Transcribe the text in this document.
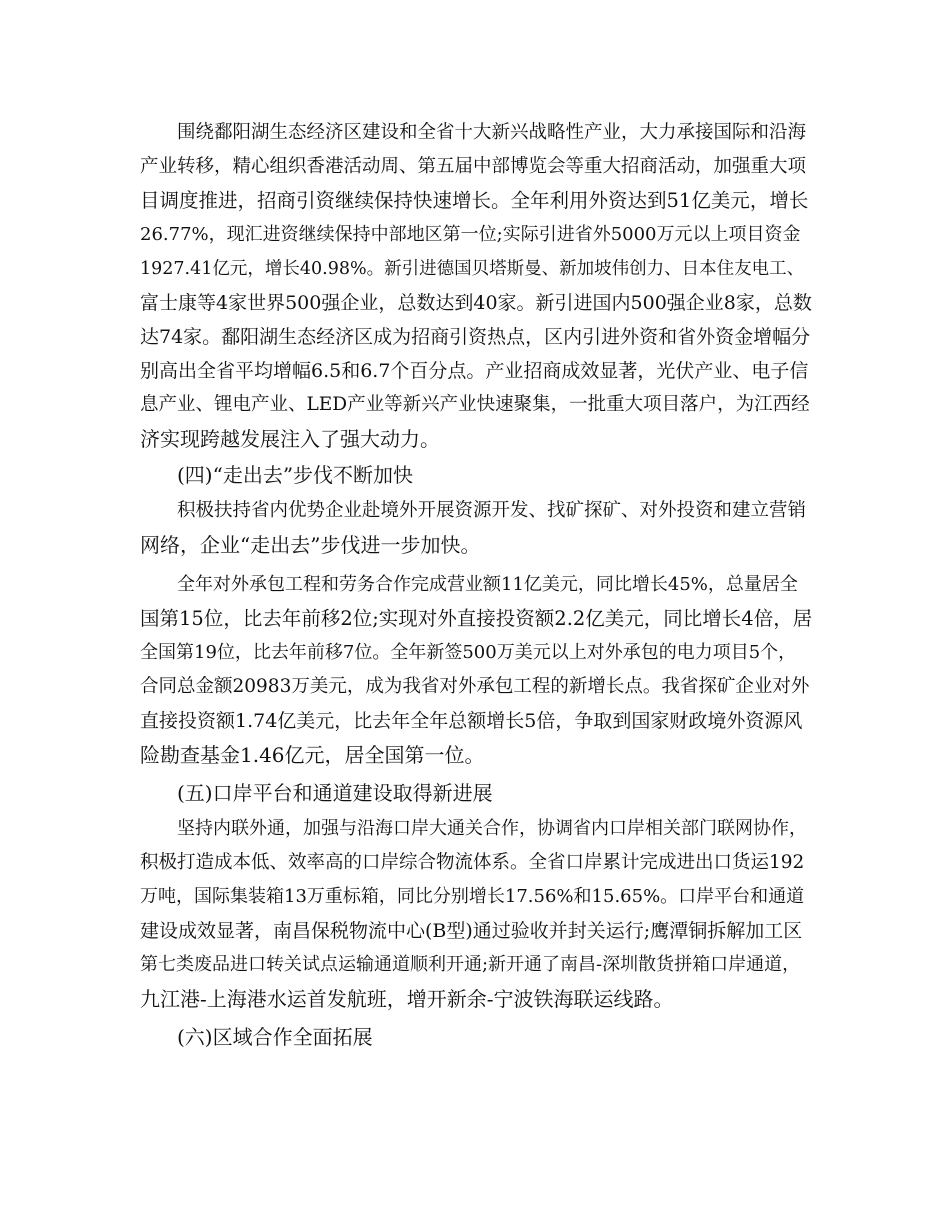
围绕鄱阳湖生态经济区建设和全省十大新兴战略性产业，大力承接国际和沿海
产业转移，精心组织香港活动周、第五届中部博览会等重大招商活动，加强重大项
目调度推进，招商引资继续保持快速增长。全年利用外资达到51亿美元，增长
26.77%，现汇进资继续保持中部地区第一位;实际引进省外5000万元以上项目资金
1927.41亿元，增长40.98%。新引进德国贝塔斯曼、新加坡伟创力、日本住友电工、
富士康等4家世界500强企业，总数达到40家。新引进国内500强企业8家，总数
达74家。鄱阳湖生态经济区成为招商引资热点，区内引进外资和省外资金增幅分
别高出全省平均增幅6.5和6.7个百分点。产业招商成效显著，光伏产业、电子信
息产业、锂电产业、LED产业等新兴产业快速聚集，一批重大项目落户，为江西经
济实现跨越发展注入了强大动力。
(四)“走出去”步伐不断加快
积极扶持省内优势企业赴境外开展资源开发、找矿探矿、对外投资和建立营销
网络，企业“走出去”步伐进一步加快。
全年对外承包工程和劳务合作完成营业额11亿美元，同比增长45%，总量居全
国第15位，比去年前移2位;实现对外直接投资额2.2亿美元，同比增长4倍，居
全国第19位，比去年前移7位。全年新签500万美元以上对外承包的电力项目5个，
合同总金额20983万美元，成为我省对外承包工程的新增长点。我省探矿企业对外
直接投资额1.74亿美元，比去年全年总额增长5倍，争取到国家财政境外资源风
险勘查基金1.46亿元，居全国第一位。
(五)口岸平台和通道建设取得新进展
坚持内联外通，加强与沿海口岸大通关合作，协调省内口岸相关部门联网协作，
积极打造成本低、效率高的口岸综合物流体系。全省口岸累计完成进出口货运192
万吨，国际集装箱13万重标箱，同比分别增长17.56%和15.65%。口岸平台和通道
建设成效显著，南昌保税物流中心(B型)通过验收并封关运行;鹰潭铜拆解加工区
第七类废品进口转关试点运输通道顺利开通;新开通了南昌-深圳散货拼箱口岸通道，
九江港-上海港水运首发航班，增开新余-宁波铁海联运线路。
(六)区域合作全面拓展
